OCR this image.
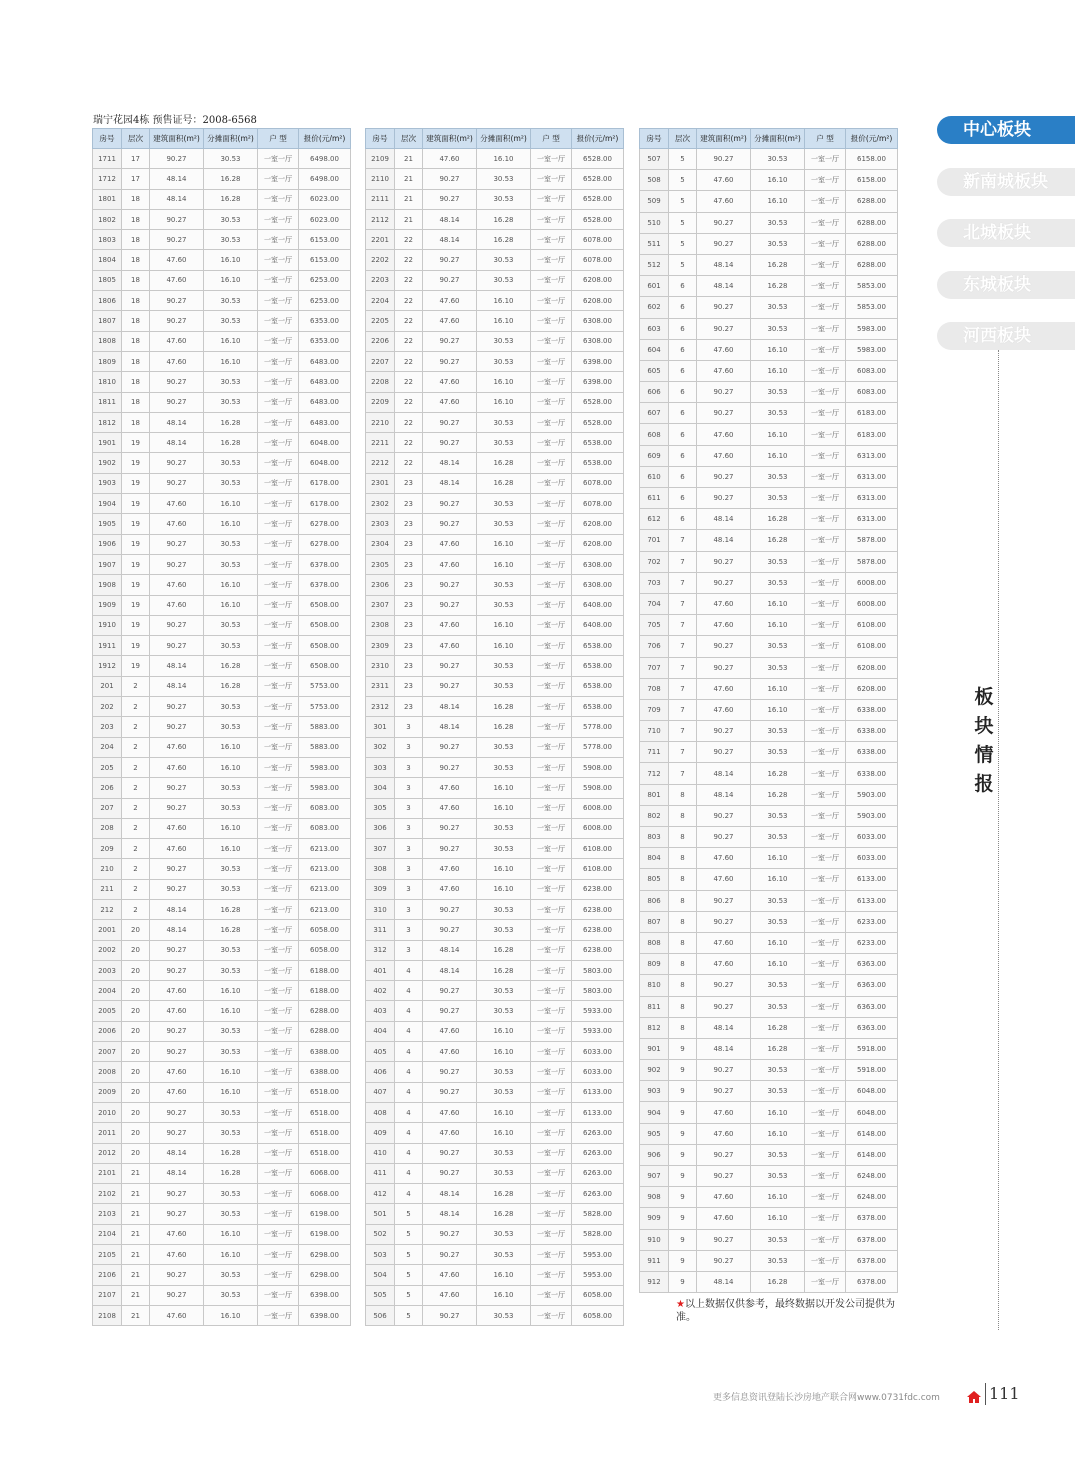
瑞宁花园4栋 预售证号：2008-6568
房号	层次	建筑面积(m²)	分摊面积(m²)	户 型	报价(元/m²)
1711	17	90.27	30.53	一室一厅	6498.00
1712	17	48.14	16.28	一室一厅	6498.00
1801	18	48.14	16.28	一室一厅	6023.00
1802	18	90.27	30.53	一室一厅	6023.00
1803	18	90.27	30.53	一室一厅	6153.00
1804	18	47.60	16.10	一室一厅	6153.00
1805	18	47.60	16.10	一室一厅	6253.00
1806	18	90.27	30.53	一室一厅	6253.00
1807	18	90.27	30.53	一室一厅	6353.00
1808	18	47.60	16.10	一室一厅	6353.00
1809	18	47.60	16.10	一室一厅	6483.00
1810	18	90.27	30.53	一室一厅	6483.00
1811	18	90.27	30.53	一室一厅	6483.00
1812	18	48.14	16.28	一室一厅	6483.00
1901	19	48.14	16.28	一室一厅	6048.00
1902	19	90.27	30.53	一室一厅	6048.00
1903	19	90.27	30.53	一室一厅	6178.00
1904	19	47.60	16.10	一室一厅	6178.00
1905	19	47.60	16.10	一室一厅	6278.00
1906	19	90.27	30.53	一室一厅	6278.00
1907	19	90.27	30.53	一室一厅	6378.00
1908	19	47.60	16.10	一室一厅	6378.00
1909	19	47.60	16.10	一室一厅	6508.00
1910	19	90.27	30.53	一室一厅	6508.00
1911	19	90.27	30.53	一室一厅	6508.00
1912	19	48.14	16.28	一室一厅	6508.00
201	2	48.14	16.28	一室一厅	5753.00
202	2	90.27	30.53	一室一厅	5753.00
203	2	90.27	30.53	一室一厅	5883.00
204	2	47.60	16.10	一室一厅	5883.00
205	2	47.60	16.10	一室一厅	5983.00
206	2	90.27	30.53	一室一厅	5983.00
207	2	90.27	30.53	一室一厅	6083.00
208	2	47.60	16.10	一室一厅	6083.00
209	2	47.60	16.10	一室一厅	6213.00
210	2	90.27	30.53	一室一厅	6213.00
211	2	90.27	30.53	一室一厅	6213.00
212	2	48.14	16.28	一室一厅	6213.00
2001	20	48.14	16.28	一室一厅	6058.00
2002	20	90.27	30.53	一室一厅	6058.00
2003	20	90.27	30.53	一室一厅	6188.00
2004	20	47.60	16.10	一室一厅	6188.00
2005	20	47.60	16.10	一室一厅	6288.00
2006	20	90.27	30.53	一室一厅	6288.00
2007	20	90.27	30.53	一室一厅	6388.00
2008	20	47.60	16.10	一室一厅	6388.00
2009	20	47.60	16.10	一室一厅	6518.00
2010	20	90.27	30.53	一室一厅	6518.00
2011	20	90.27	30.53	一室一厅	6518.00
2012	20	48.14	16.28	一室一厅	6518.00
2101	21	48.14	16.28	一室一厅	6068.00
2102	21	90.27	30.53	一室一厅	6068.00
2103	21	90.27	30.53	一室一厅	6198.00
2104	21	47.60	16.10	一室一厅	6198.00
2105	21	47.60	16.10	一室一厅	6298.00
2106	21	90.27	30.53	一室一厅	6298.00
2107	21	90.27	30.53	一室一厅	6398.00
2108	21	47.60	16.10	一室一厅	6398.00
房号	层次	建筑面积(m²)	分摊面积(m²)	户 型	报价(元/m²)
2109	21	47.60	16.10	一室一厅	6528.00
2110	21	90.27	30.53	一室一厅	6528.00
2111	21	90.27	30.53	一室一厅	6528.00
2112	21	48.14	16.28	一室一厅	6528.00
2201	22	48.14	16.28	一室一厅	6078.00
2202	22	90.27	30.53	一室一厅	6078.00
2203	22	90.27	30.53	一室一厅	6208.00
2204	22	47.60	16.10	一室一厅	6208.00
2205	22	47.60	16.10	一室一厅	6308.00
2206	22	90.27	30.53	一室一厅	6308.00
2207	22	90.27	30.53	一室一厅	6398.00
2208	22	47.60	16.10	一室一厅	6398.00
2209	22	47.60	16.10	一室一厅	6528.00
2210	22	90.27	30.53	一室一厅	6528.00
2211	22	90.27	30.53	一室一厅	6538.00
2212	22	48.14	16.28	一室一厅	6538.00
2301	23	48.14	16.28	一室一厅	6078.00
2302	23	90.27	30.53	一室一厅	6078.00
2303	23	90.27	30.53	一室一厅	6208.00
2304	23	47.60	16.10	一室一厅	6208.00
2305	23	47.60	16.10	一室一厅	6308.00
2306	23	90.27	30.53	一室一厅	6308.00
2307	23	90.27	30.53	一室一厅	6408.00
2308	23	47.60	16.10	一室一厅	6408.00
2309	23	47.60	16.10	一室一厅	6538.00
2310	23	90.27	30.53	一室一厅	6538.00
2311	23	90.27	30.53	一室一厅	6538.00
2312	23	48.14	16.28	一室一厅	6538.00
301	3	48.14	16.28	一室一厅	5778.00
302	3	90.27	30.53	一室一厅	5778.00
303	3	90.27	30.53	一室一厅	5908.00
304	3	47.60	16.10	一室一厅	5908.00
305	3	47.60	16.10	一室一厅	6008.00
306	3	90.27	30.53	一室一厅	6008.00
307	3	90.27	30.53	一室一厅	6108.00
308	3	47.60	16.10	一室一厅	6108.00
309	3	47.60	16.10	一室一厅	6238.00
310	3	90.27	30.53	一室一厅	6238.00
311	3	90.27	30.53	一室一厅	6238.00
312	3	48.14	16.28	一室一厅	6238.00
401	4	48.14	16.28	一室一厅	5803.00
402	4	90.27	30.53	一室一厅	5803.00
403	4	90.27	30.53	一室一厅	5933.00
404	4	47.60	16.10	一室一厅	5933.00
405	4	47.60	16.10	一室一厅	6033.00
406	4	90.27	30.53	一室一厅	6033.00
407	4	90.27	30.53	一室一厅	6133.00
408	4	47.60	16.10	一室一厅	6133.00
409	4	47.60	16.10	一室一厅	6263.00
410	4	90.27	30.53	一室一厅	6263.00
411	4	90.27	30.53	一室一厅	6263.00
412	4	48.14	16.28	一室一厅	6263.00
501	5	48.14	16.28	一室一厅	5828.00
502	5	90.27	30.53	一室一厅	5828.00
503	5	90.27	30.53	一室一厅	5953.00
504	5	47.60	16.10	一室一厅	5953.00
505	5	47.60	16.10	一室一厅	6058.00
506	5	90.27	30.53	一室一厅	6058.00
房号	层次	建筑面积(m²)	分摊面积(m²)	户 型	报价(元/m²)
507	5	90.27	30.53	一室一厅	6158.00
508	5	47.60	16.10	一室一厅	6158.00
509	5	47.60	16.10	一室一厅	6288.00
510	5	90.27	30.53	一室一厅	6288.00
511	5	90.27	30.53	一室一厅	6288.00
512	5	48.14	16.28	一室一厅	6288.00
601	6	48.14	16.28	一室一厅	5853.00
602	6	90.27	30.53	一室一厅	5853.00
603	6	90.27	30.53	一室一厅	5983.00
604	6	47.60	16.10	一室一厅	5983.00
605	6	47.60	16.10	一室一厅	6083.00
606	6	90.27	30.53	一室一厅	6083.00
607	6	90.27	30.53	一室一厅	6183.00
608	6	47.60	16.10	一室一厅	6183.00
609	6	47.60	16.10	一室一厅	6313.00
610	6	90.27	30.53	一室一厅	6313.00
611	6	90.27	30.53	一室一厅	6313.00
612	6	48.14	16.28	一室一厅	6313.00
701	7	48.14	16.28	一室一厅	5878.00
702	7	90.27	30.53	一室一厅	5878.00
703	7	90.27	30.53	一室一厅	6008.00
704	7	47.60	16.10	一室一厅	6008.00
705	7	47.60	16.10	一室一厅	6108.00
706	7	90.27	30.53	一室一厅	6108.00
707	7	90.27	30.53	一室一厅	6208.00
708	7	47.60	16.10	一室一厅	6208.00
709	7	47.60	16.10	一室一厅	6338.00
710	7	90.27	30.53	一室一厅	6338.00
711	7	90.27	30.53	一室一厅	6338.00
712	7	48.14	16.28	一室一厅	6338.00
801	8	48.14	16.28	一室一厅	5903.00
802	8	90.27	30.53	一室一厅	5903.00
803	8	90.27	30.53	一室一厅	6033.00
804	8	47.60	16.10	一室一厅	6033.00
805	8	47.60	16.10	一室一厅	6133.00
806	8	90.27	30.53	一室一厅	6133.00
807	8	90.27	30.53	一室一厅	6233.00
808	8	47.60	16.10	一室一厅	6233.00
809	8	47.60	16.10	一室一厅	6363.00
810	8	90.27	30.53	一室一厅	6363.00
811	8	90.27	30.53	一室一厅	6363.00
812	8	48.14	16.28	一室一厅	6363.00
901	9	48.14	16.28	一室一厅	5918.00
902	9	90.27	30.53	一室一厅	5918.00
903	9	90.27	30.53	一室一厅	6048.00
904	9	47.60	16.10	一室一厅	6048.00
905	9	47.60	16.10	一室一厅	6148.00
906	9	90.27	30.53	一室一厅	6148.00
907	9	90.27	30.53	一室一厅	6248.00
908	9	47.60	16.10	一室一厅	6248.00
909	9	47.60	16.10	一室一厅	6378.00
910	9	90.27	30.53	一室一厅	6378.00
911	9	90.27	30.53	一室一厅	6378.00
912	9	48.14	16.28	一室一厅	6378.00
中心板块
新南城板块
北城板块
东城板块
河西板块
板
块
情
报
★以上数据仅供参考，最终数据以开发公司提供为准。
更多信息资讯登陆长沙房地产联合网www.0731fdc.com	111
